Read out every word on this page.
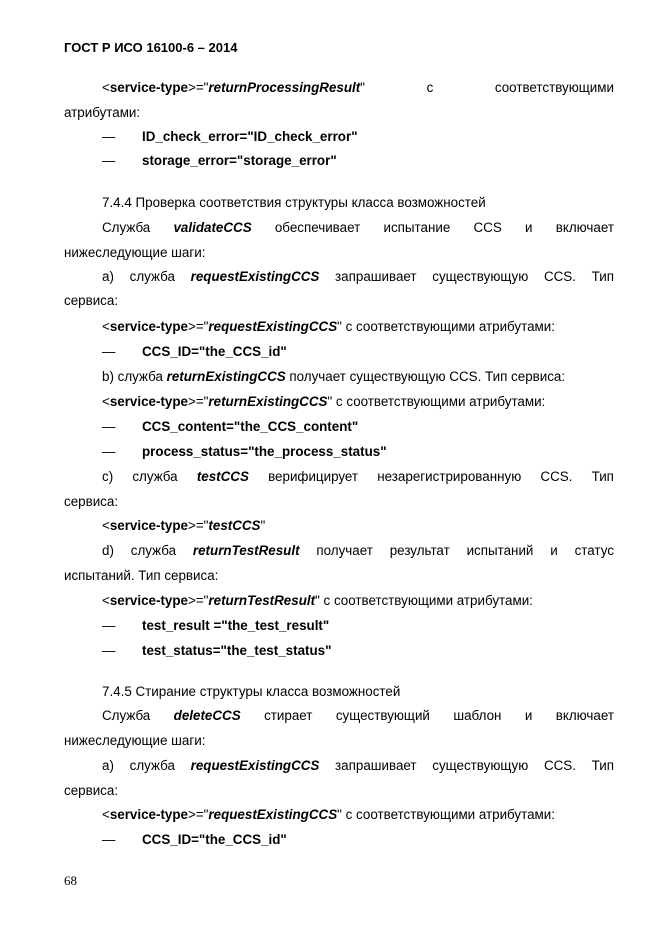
ГОСТ Р ИСО 16100-6 – 2014
<service-type>="returnProcessingResult"	с	соответствующими
атрибутами:
— ID_check_error="ID_check_error"
— storage_error="storage_error"
7.4.4 Проверка соответствия структуры класса возможностей
Служба validateCCS обеспечивает испытание CCS и включает
нижеследующие шаги:
a) служба requestExistingCCS запрашивает существующую CCS. Тип
сервиса:
<service-type>="requestExistingCCS" с соответствующими атрибутами:
— CCS_ID="the_CCS_id"
b) служба returnExistingCCS получает существующую CCS. Тип сервиса:
<service-type>="returnExistingCCS" с соответствующими атрибутами:
— CCS_content="the_CCS_content"
— process_status="the_process_status"
c) служба testCCS верифицирует незарегистрированную CCS. Тип
сервиса:
<service-type>="testCCS"
d) служба returnTestResult получает результат испытаний и статус
испытаний. Тип сервиса:
<service-type>="returnTestResult" с соответствующими атрибутами:
— test_result ="the_test_result"
— test_status="the_test_status"
7.4.5 Стирание структуры класса возможностей
Служба deleteCCS стирает существующий шаблон и включает
нижеследующие шаги:
a) служба requestExistingCCS запрашивает существующую CCS. Тип
сервиса:
<service-type>="requestExistingCCS" с соответствующими атрибутами:
— CCS_ID="the_CCS_id"
68
